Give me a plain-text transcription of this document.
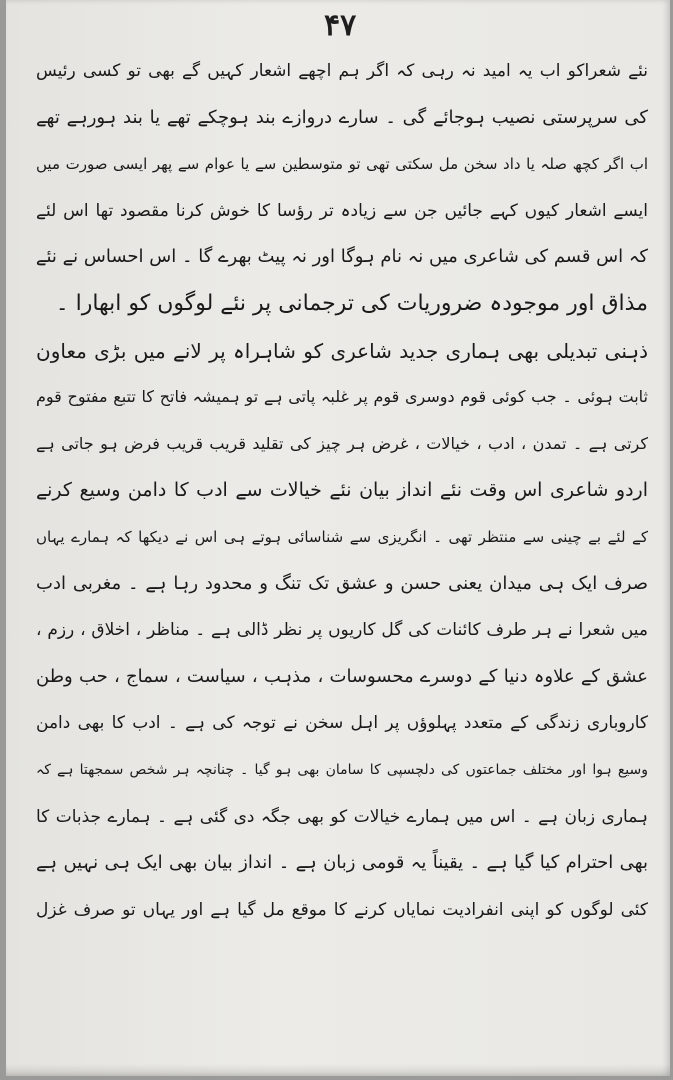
۴۷
نئے شعراکو اب یہ امید نہ رہی کہ اگر ہم اچھے اشعار کہیں گے بھی تو کسی رئیس
کی سرپرستی نصیب ہوجائے گی ۔ سارے دروازے بند ہوچکے تھے یا بند ہورہے تھے
اب اگر کچھ صلہ یا داد سخن مل سکتی تھی تو متوسطین سے یا عوام سے پھر ایسی صورت میں
ایسے اشعار کیوں کہے جائیں جن سے زیادہ تر رؤسا کا خوش کرنا مقصود تھا اس لئے
کہ اس قسم کی شاعری میں نہ نام ہوگا اور نہ پیٹ بھرے گا ۔ اس احساس نے نئے
مذاق اور موجودہ ضروریات کی ترجمانی پر نئے لوگوں کو ابھارا ۔
ذہنی تبدیلی بھی ہماری جدید شاعری کو شاہراہ پر لانے میں بڑی معاون
ثابت ہوئی ۔ جب کوئی قوم دوسری قوم پر غلبہ پاتی ہے تو ہمیشہ فاتح کا تتبع مفتوح قوم
کرتی ہے ۔ تمدن ، ادب ، خیالات ، غرض ہر چیز کی تقلید قریب قریب فرض ہو جاتی ہے
اردو شاعری اس وقت نئے انداز بیان نئے خیالات سے ادب کا دامن وسیع کرنے
کے لئے بے چینی سے منتظر تھی ۔ انگریزی سے شناسائی ہوتے ہی اس نے دیکھا کہ ہمارے یہاں
صرف ایک ہی میدان یعنی حسن و عشق تک تنگ و محدود رہا ہے ۔ مغربی ادب
میں شعرا نے ہر طرف کائنات کی گل کاریوں پر نظر ڈالی ہے ۔ مناظر ، اخلاق ، رزم ،
عشق کے علاوہ دنیا کے دوسرے محسوسات ، مذہب ، سیاست ، سماج ، حب وطن
کاروباری زندگی کے متعدد پہلوؤں پر اہل سخن نے توجہ کی ہے ۔ ادب کا بھی دامن
وسیع ہوا اور مختلف جماعتوں کی دلچسپی کا سامان بھی ہو گیا ۔ چنانچہ ہر شخص سمجھتا ہے کہ
ہماری زبان ہے ۔ اس میں ہمارے خیالات کو بھی جگہ دی گئی ہے ۔ ہمارے جذبات کا
بھی احترام کیا گیا ہے ۔ یقیناً یہ قومی زبان ہے ۔ انداز بیان بھی ایک ہی نہیں ہے
کئی لوگوں کو اپنی انفرادیت نمایاں کرنے کا موقع مل گیا ہے اور یہاں تو صرف غزل
